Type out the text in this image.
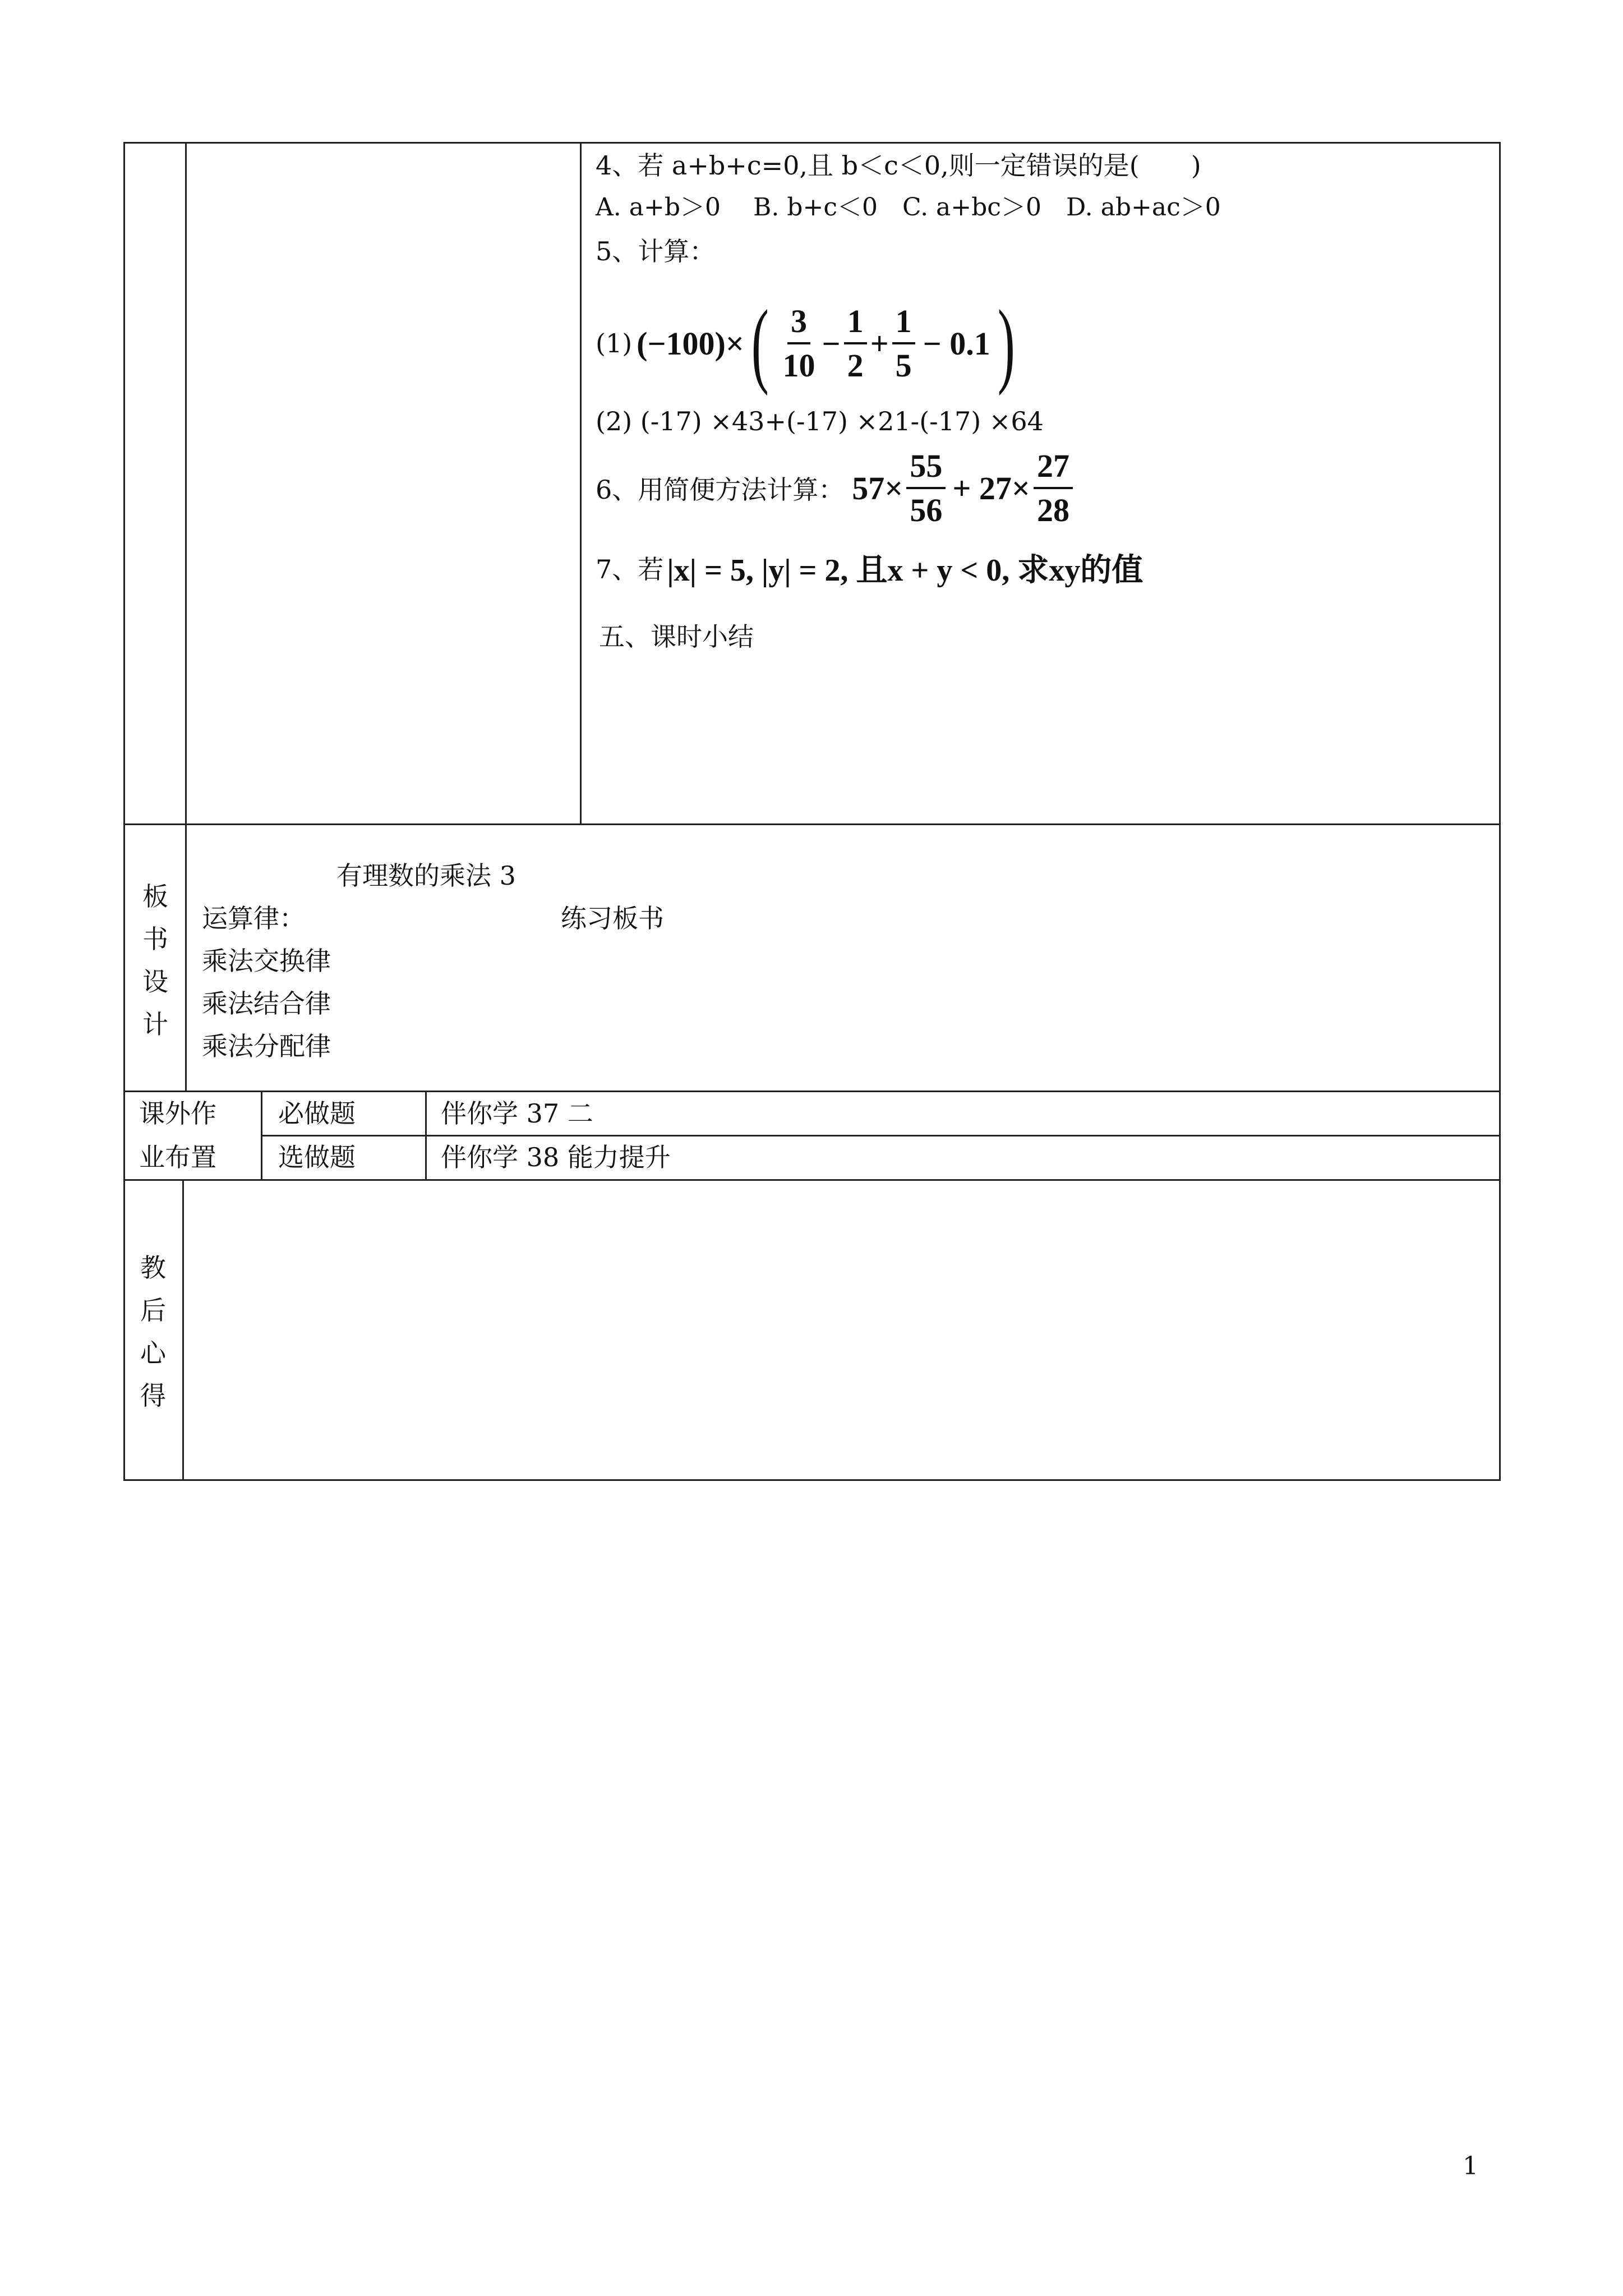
4、若 a+b+c=0,且 b＜c＜0,则一定错误的是(　　)
A. a+b＞0　 B. b+c＜0　C. a+bc＞0　D. ab+ac＞0
5、计算：
(1) (−100)× ( $\frac{3}{10} - \frac{1}{2} + \frac{1}{5} - 0.1$ )
(2) (-17) ×43+(-17) ×21-(-17) ×64
6、用简便方法计算： $57\times \frac{55}{56} + 27\times \frac{27}{28}$
7、若 |x| = 5, |y| = 2, 且x + y < 0, 求xy的值
五、课时小结
板
书
设
计
有理数的乘法 3
运算律：	练习板书
乘法交换律
乘法结合律
乘法分配律
课外作
业布置
必做题	伴你学 37 二
选做题	伴你学 38 能力提升
教
后
心
得
1
